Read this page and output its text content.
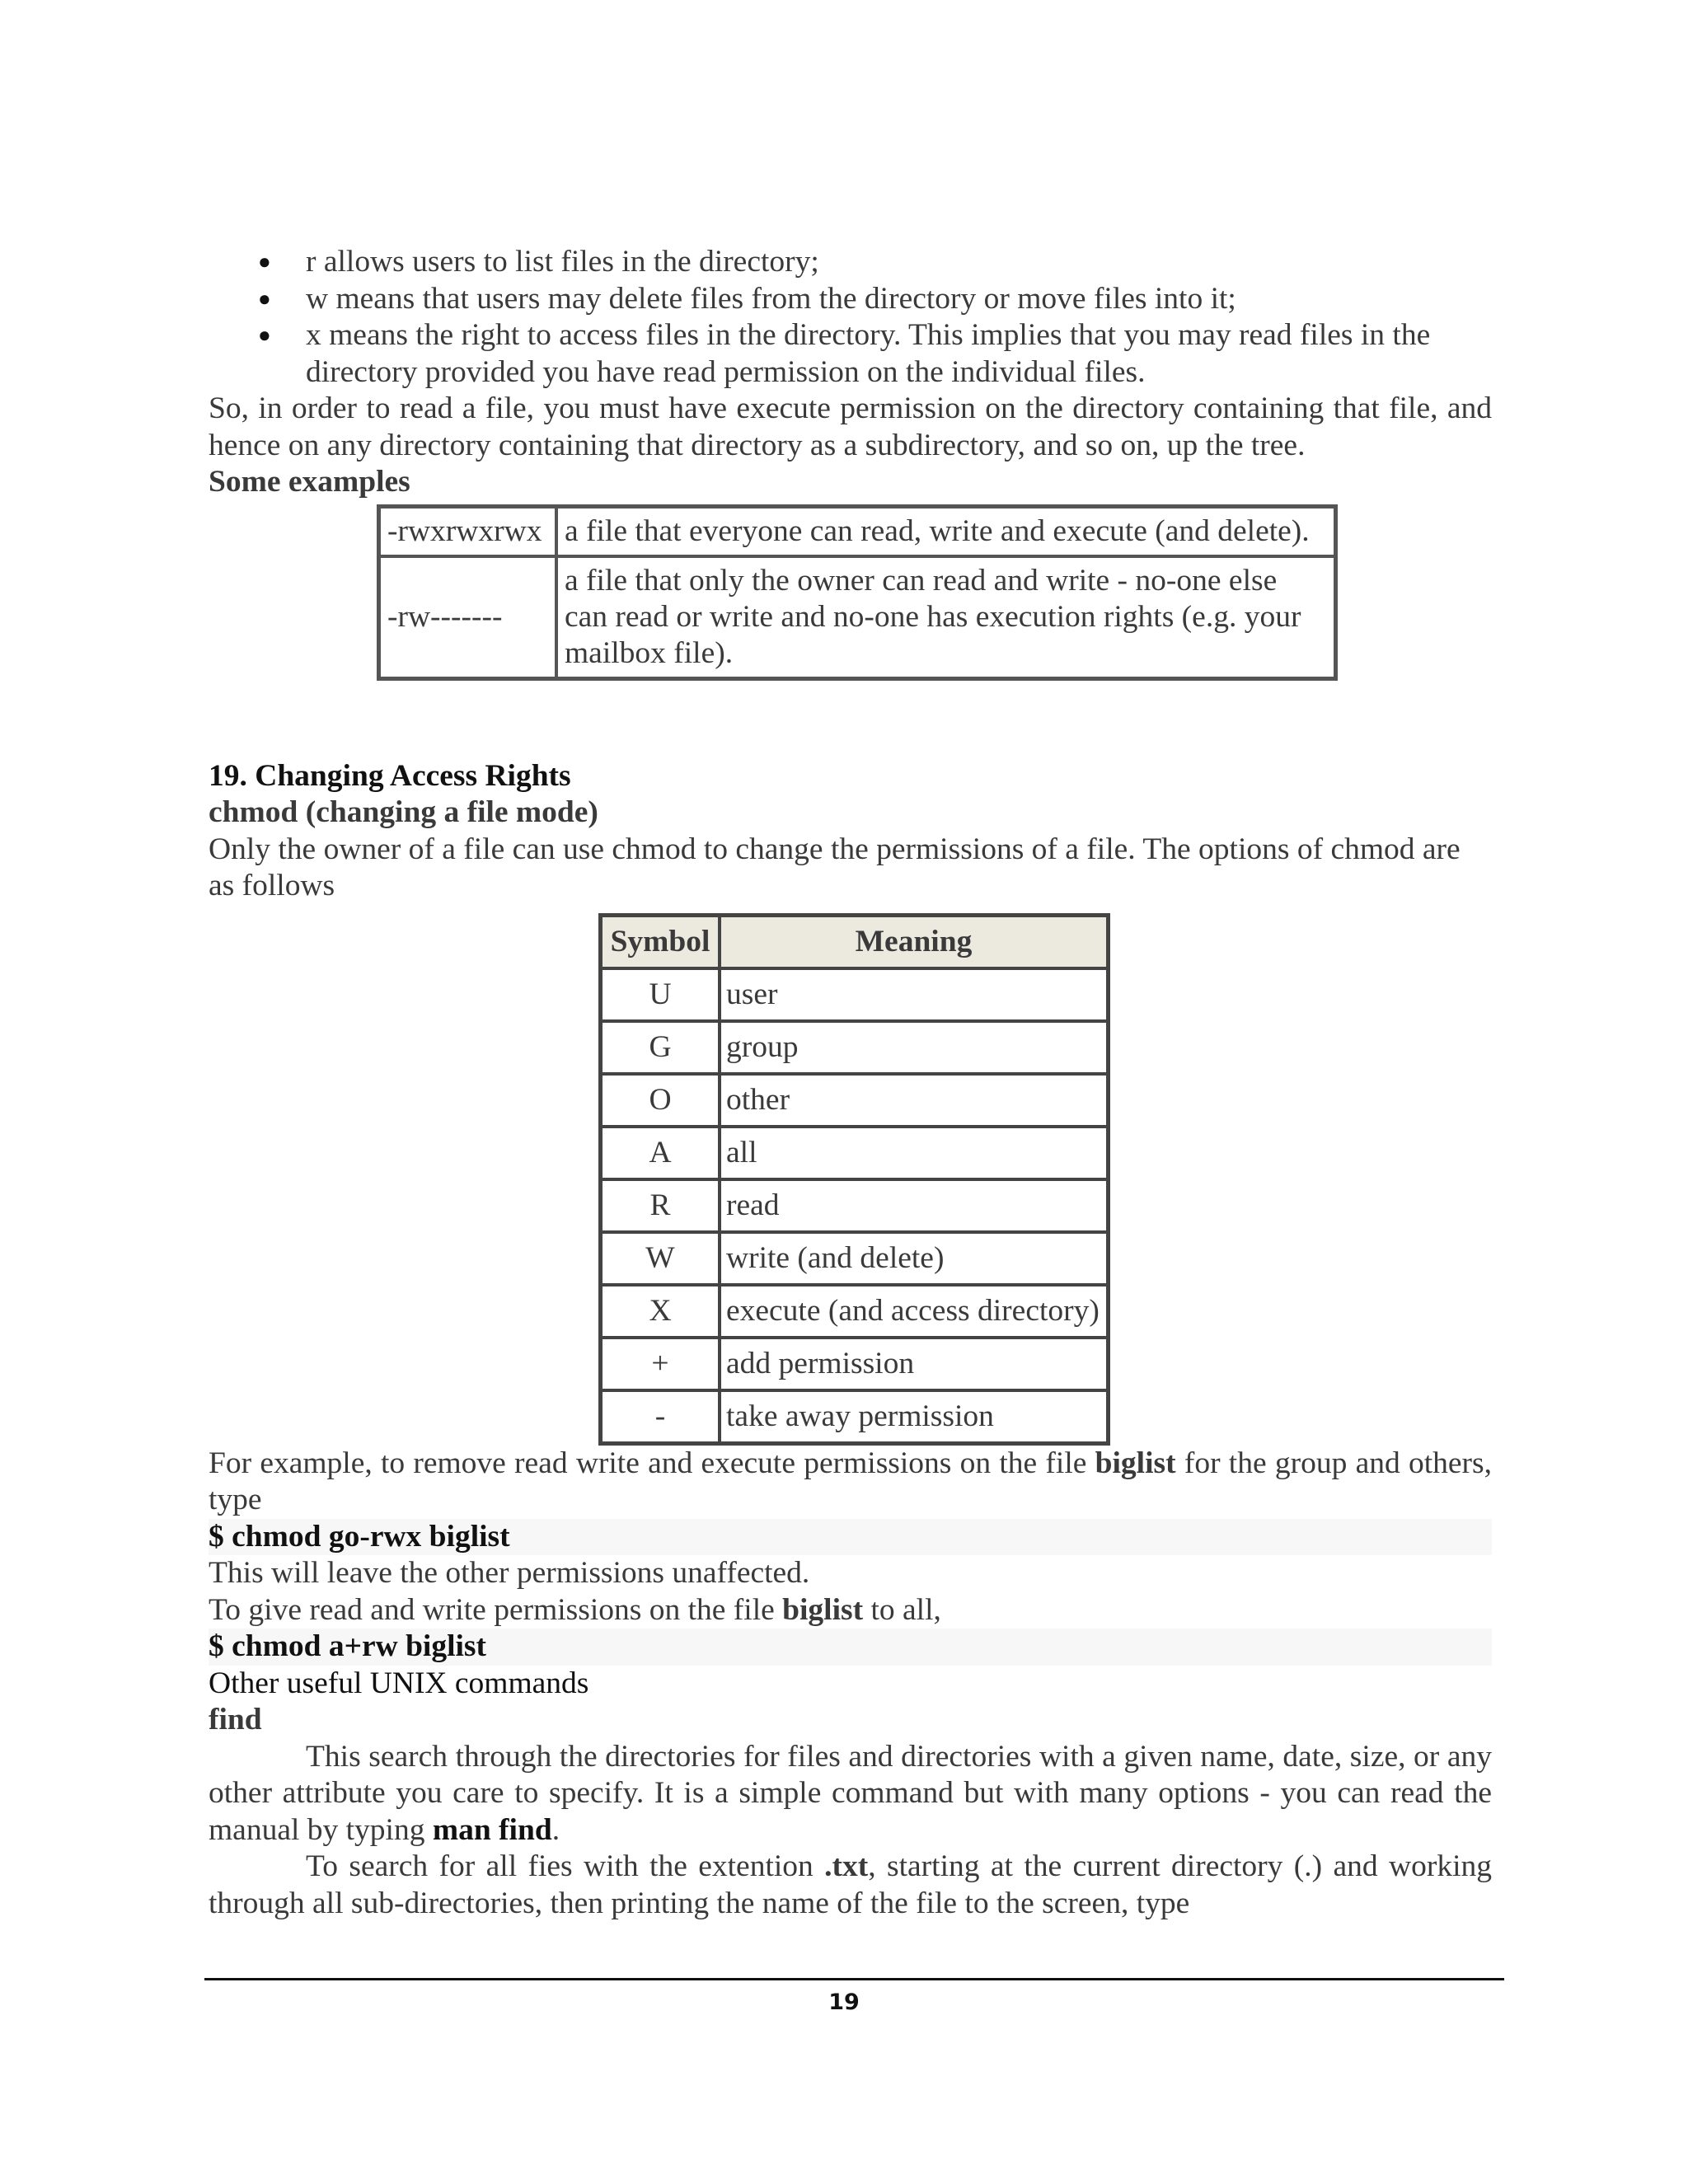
● r allows users to list files in the directory;
● w means that users may delete files from the directory or move files into it;
● x means the right to access files in the directory. This implies that you may read files in the directory provided you have read permission on the individual files.

So, in order to read a file, you must have execute permission on the directory containing that file, and hence on any directory containing that directory as a subdirectory, and so on, up the tree.

Some examples

-rwxrwxrwx	a file that everyone can read, write and execute (and delete).
-rw-------	a file that only the owner can read and write - no-one else can read or write and no-one has execution rights (e.g. your mailbox file).

19. Changing Access Rights

chmod (changing a file mode)

Only the owner of a file can use chmod to change the permissions of a file. The options of chmod are as follows

Symbol	Meaning
U	user
G	group
O	other
A	all
R	read
W	write (and delete)
X	execute (and access directory)
+	add permission
-	take away permission

For example, to remove read write and execute permissions on the file biglist for the group and others, type

$ chmod go-rwx biglist

This will leave the other permissions unaffected.

To give read and write permissions on the file biglist to all,

$ chmod a+rw biglist

Other useful UNIX commands

find

This search through the directories for files and directories with a given name, date, size, or any other attribute you care to specify. It is a simple command but with many options - you can read the manual by typing man find.

To search for all fies with the extention .txt, starting at the current directory (.) and working through all sub-directories, then printing the name of the file to the screen, type

19
